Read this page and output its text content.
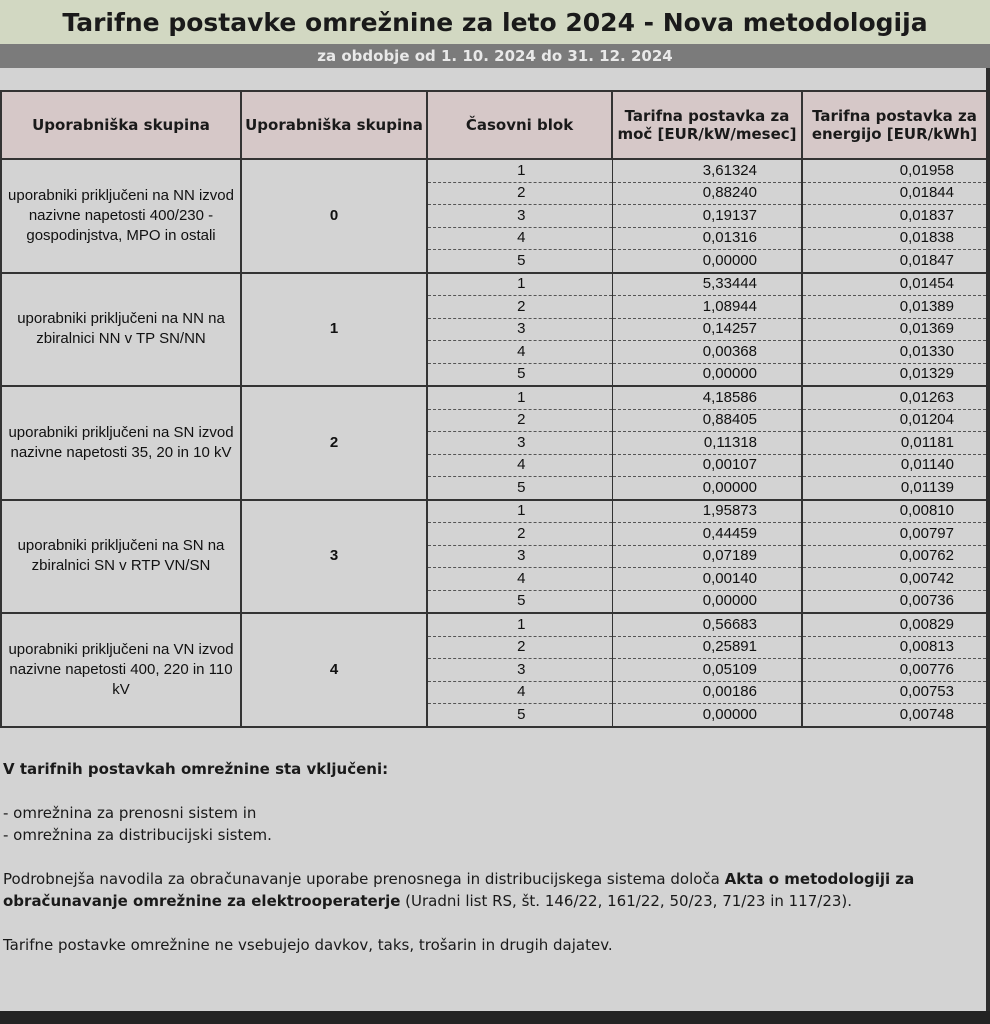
Tarifne postavke omrežnine za leto 2024 - Nova metodologija
za obdobje od 1. 10. 2024 do 31. 12. 2024
Uporabniška skupina	Uporabniška skupina	Časovni blok	Tarifna postavka za moč [EUR/kW/mesec]	Tarifna postavka za energijo [EUR/kWh]
uporabniki priključeni na NN izvod nazivne napetosti 400/230 - gospodinjstva, MPO in ostali	0	1	3,61324	0,01958
		2	0,88240	0,01844
		3	0,19137	0,01837
		4	0,01316	0,01838
		5	0,00000	0,01847
uporabniki priključeni na NN na zbiralnici NN v TP SN/NN	1	1	5,33444	0,01454
		2	1,08944	0,01389
		3	0,14257	0,01369
		4	0,00368	0,01330
		5	0,00000	0,01329
uporabniki priključeni na SN izvod nazivne napetosti 35, 20 in 10 kV	2	1	4,18586	0,01263
		2	0,88405	0,01204
		3	0,11318	0,01181
		4	0,00107	0,01140
		5	0,00000	0,01139
uporabniki priključeni na SN na zbiralnici SN v RTP VN/SN	3	1	1,95873	0,00810
		2	0,44459	0,00797
		3	0,07189	0,00762
		4	0,00140	0,00742
		5	0,00000	0,00736
uporabniki priključeni na VN izvod nazivne napetosti 400, 220 in 110 kV	4	1	0,56683	0,00829
		2	0,25891	0,00813
		3	0,05109	0,00776
		4	0,00186	0,00753
		5	0,00000	0,00748

V tarifnih postavkah omrežnine sta vključeni:

- omrežnina za prenosni sistem in

- omrežnina za distribucijski sistem.

Podrobnejša navodila za obračunavanje uporabe prenosnega in distribucijskega sistema določa Akta o metodologiji za obračunavanje omrežnine za elektrooperaterje (Uradni list RS, št. 146/22, 161/22, 50/23, 71/23 in 117/23).

Tarifne postavke omrežnine ne vsebujejo davkov, taks, trošarin in drugih dajatev.
